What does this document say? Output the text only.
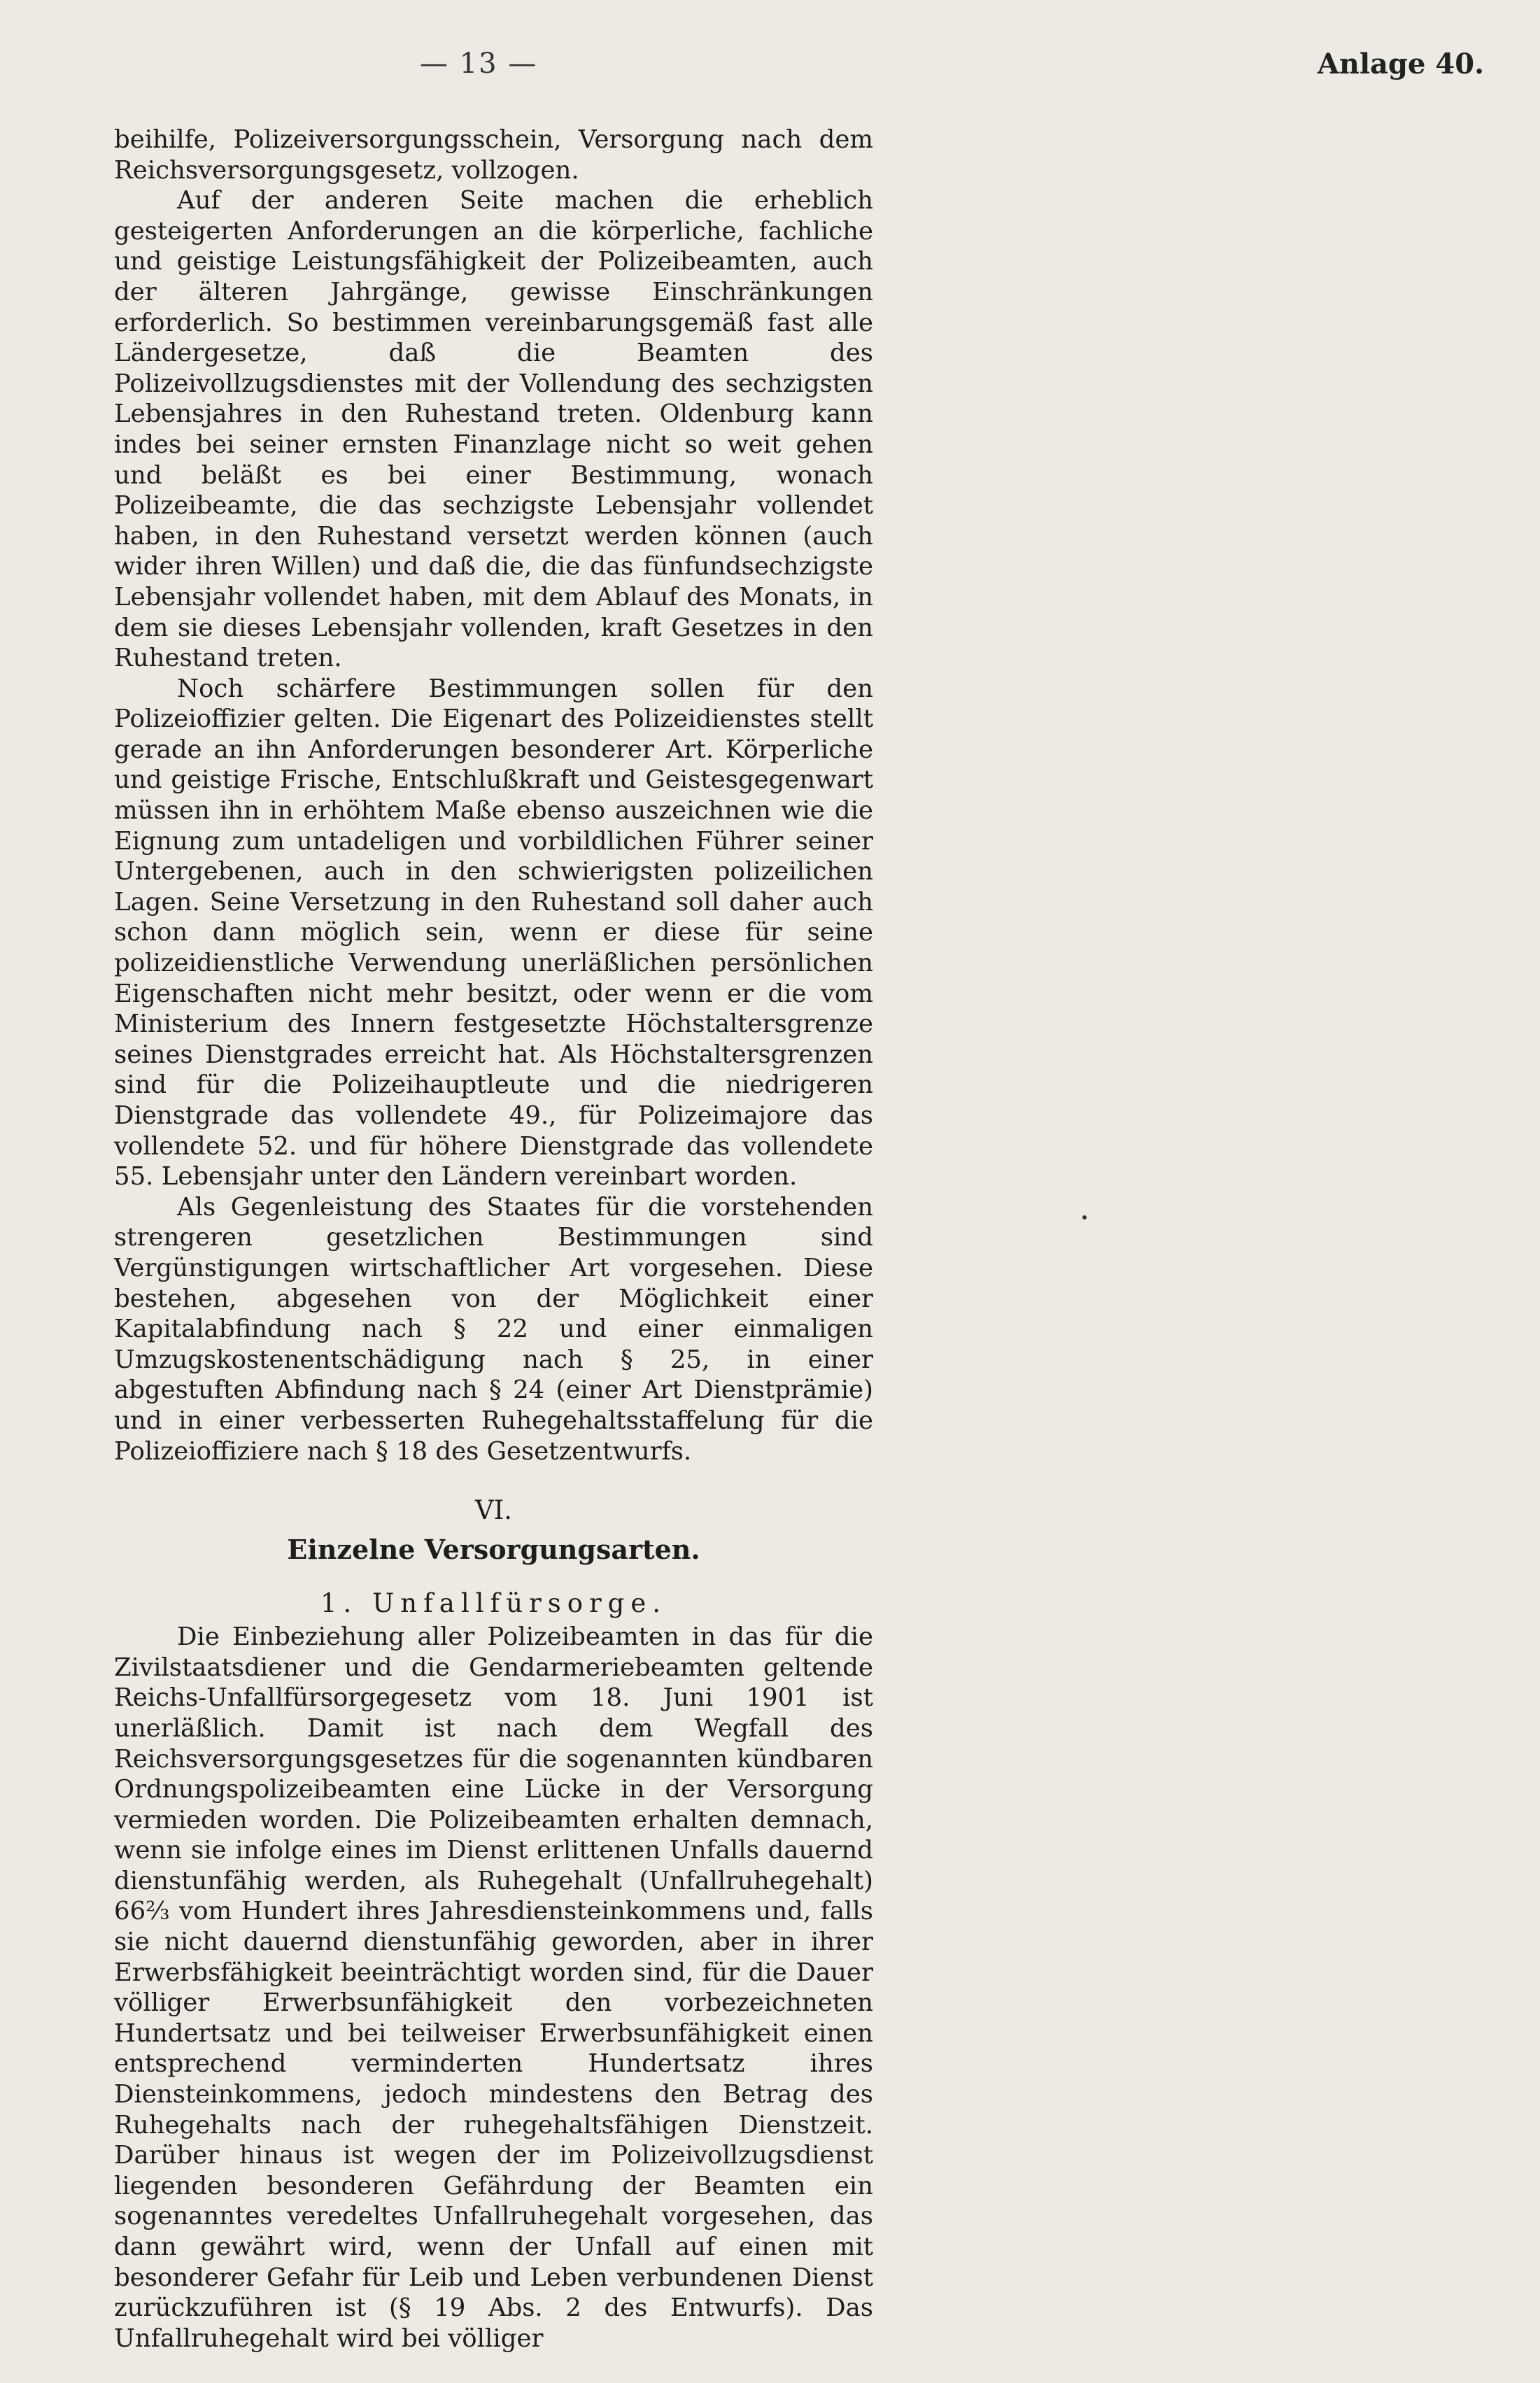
— 13 —	Anlage 40.

beihilfe, Polizeiversorgungsschein, Versorgung nach dem Reichsversorgungsgesetz, vollzogen.

Auf der anderen Seite machen die erheblich gesteigerten Anforderungen an die körperliche, fachliche und geistige Leistungsfähigkeit der Polizeibeamten, auch der älteren Jahrgänge, gewisse Einschränkungen erforderlich. So bestimmen vereinbarungsgemäß fast alle Ländergesetze, daß die Beamten des Polizeivollzugsdienstes mit der Vollendung des sechzigsten Lebensjahres in den Ruhestand treten. Oldenburg kann indes bei seiner ernsten Finanzlage nicht so weit gehen und beläßt es bei einer Bestimmung, wonach Polizeibeamte, die das sechzigste Lebensjahr vollendet haben, in den Ruhestand versetzt werden können (auch wider ihren Willen) und daß die, die das fünfundsechzigste Lebensjahr vollendet haben, mit dem Ablauf des Monats, in dem sie dieses Lebensjahr vollenden, kraft Gesetzes in den Ruhestand treten.

Noch schärfere Bestimmungen sollen für den Polizeioffizier gelten. Die Eigenart des Polizeidienstes stellt gerade an ihn Anforderungen besonderer Art. Körperliche und geistige Frische, Entschlußkraft und Geistesgegenwart müssen ihn in erhöhtem Maße ebenso auszeichnen wie die Eignung zum untadeligen und vorbildlichen Führer seiner Untergebenen, auch in den schwierigsten polizeilichen Lagen. Seine Versetzung in den Ruhestand soll daher auch schon dann möglich sein, wenn er diese für seine polizeidienstliche Verwendung unerläßlichen persönlichen Eigenschaften nicht mehr besitzt, oder wenn er die vom Ministerium des Innern festgesetzte Höchstaltersgrenze seines Dienstgrades erreicht hat. Als Höchstaltersgrenzen sind für die Polizeihauptleute und die niedrigeren Dienstgrade das vollendete 49., für Polizeimajore das vollendete 52. und für höhere Dienstgrade das vollendete 55. Lebensjahr unter den Ländern vereinbart worden.

Als Gegenleistung des Staates für die vorstehenden strengeren gesetzlichen Bestimmungen sind Vergünstigungen wirtschaftlicher Art vorgesehen. Diese bestehen, abgesehen von der Möglichkeit einer Kapitalabfindung nach § 22 und einer einmaligen Umzugskostenentschädigung nach § 25, in einer abgestuften Abfindung nach § 24 (einer Art Dienstprämie) und in einer verbesserten Ruhegehaltsstaffelung für die Polizeioffiziere nach § 18 des Gesetzentwurfs.

VI.
Einzelne Versorgungsarten.
1. Unfallfürsorge.

Die Einbeziehung aller Polizeibeamten in das für die Zivilstaatsdiener und die Gendarmeriebeamten geltende Reichs-Unfallfürsorgegesetz vom 18. Juni 1901 ist unerläßlich. Damit ist nach dem Wegfall des Reichsversorgungsgesetzes für die sogenannten kündbaren Ordnungspolizeibeamten eine Lücke in der Versorgung vermieden worden. Die Polizeibeamten erhalten demnach, wenn sie infolge eines im Dienst erlittenen Unfalls dauernd dienstunfähig werden, als Ruhegehalt (Unfallruhegehalt) 66⅔ vom Hundert ihres Jahresdiensteinkommens und, falls sie nicht dauernd dienstunfähig geworden, aber in ihrer Erwerbsfähigkeit beeinträchtigt worden sind, für die Dauer völliger Erwerbsunfähigkeit den vorbezeichneten Hundertsatz und bei teilweiser Erwerbsunfähigkeit einen entsprechend verminderten Hundertsatz ihres Diensteinkommens, jedoch mindestens den Betrag des Ruhegehalts nach der ruhegehaltsfähigen Dienstzeit. Darüber hinaus ist wegen der im Polizeivollzugsdienst liegenden besonderen Gefährdung der Beamten ein sogenanntes veredeltes Unfallruhegehalt vorgesehen, das dann gewährt wird, wenn der Unfall auf einen mit besonderer Gefahr für Leib und Leben verbundenen Dienst zurückzuführen ist (§ 19 Abs. 2 des Entwurfs). Das Unfallruhegehalt wird bei völliger
